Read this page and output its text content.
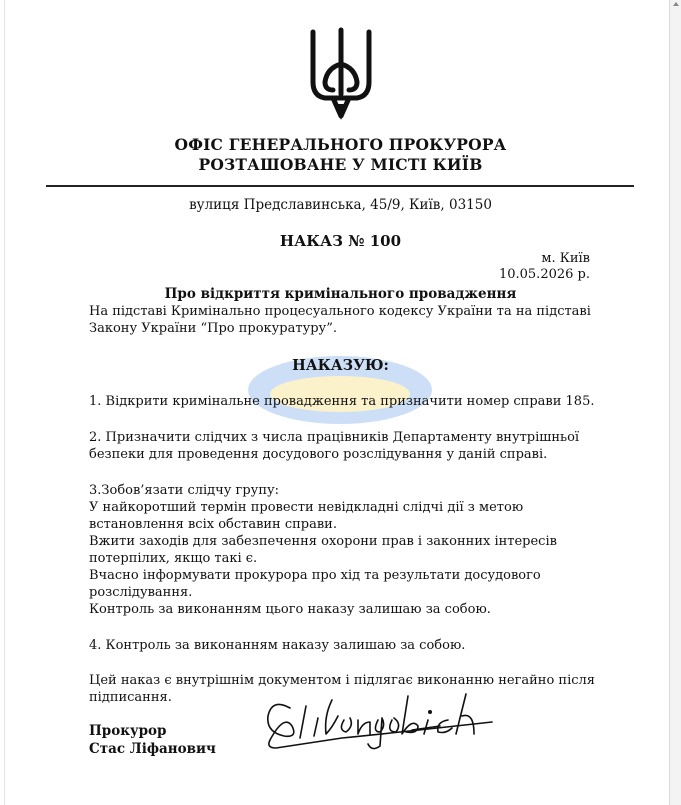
ОФІС ГЕНЕРАЛЬНОГО ПРОКУРОРА
РОЗТАШОВАНЕ У МІСТІ КИЇВ
вулиця Предславинська, 45/9, Київ, 03150
НАКАЗ № 100
м. Київ
10.05.2026 р.
Про відкриття кримінального провадження
На підставі Кримінально процесуального кодексу України та на підставі Закону України “Про прокуратуру”.
НАКАЗУЮ:
1. Відкрити кримінальне провадження та призначити номер справи 185.
2. Призначити слідчих з числа працівників Департаменту внутрішньої безпеки для проведення досудового розслідування у даній справі.
3.Зобов’язати слідчу групу:
У найкоротший термін провести невідкладні слідчі дії з метою встановлення всіх обставин справи.
Вжити заходів для забезпечення охорони прав і законних інтересів потерпілих, якщо такі є.
Вчасно інформувати прокурора про хід та результати досудового розслідування.
Контроль за виконанням цього наказу залишаю за собою.
4. Контроль за виконанням наказу залишаю за собою.
Цей наказ є внутрішнім документом і підлягає виконанню негайно після підписання.
Прокурор
Стас Ліфанович
